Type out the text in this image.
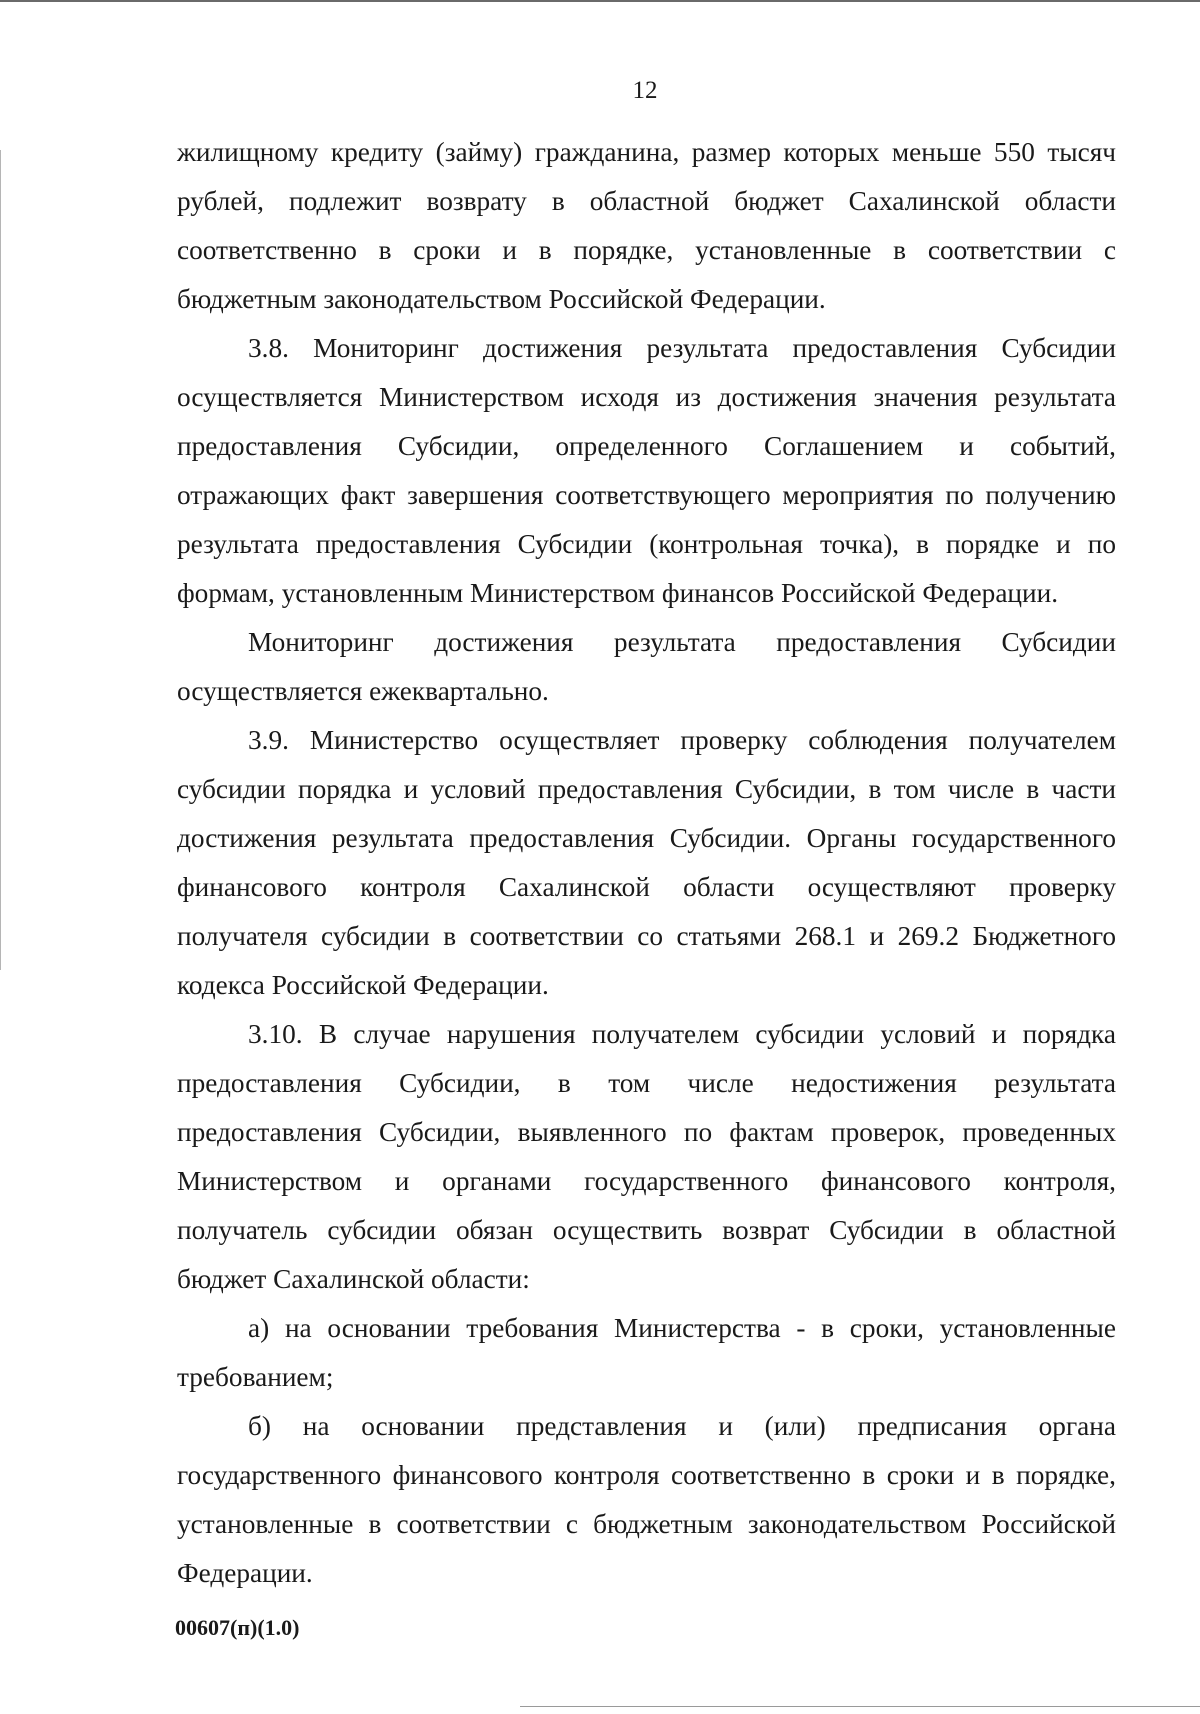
12

жилищному кредиту (займу) гражданина, размер которых меньше 550 тысяч рублей, подлежит возврату в областной бюджет Сахалинской области соответственно в сроки и в порядке, установленные в соответствии с бюджетным законодательством Российской Федерации.

3.8. Мониторинг достижения результата предоставления Субсидии осуществляется Министерством исходя из достижения значения результата предоставления Субсидии, определенного Соглашением и событий, отражающих факт завершения соответствующего мероприятия по получению результата предоставления Субсидии (контрольная точка), в порядке и по формам, установленным Министерством финансов Российской Федерации.

Мониторинг достижения результата предоставления Субсидии осуществляется ежеквартально.

3.9. Министерство осуществляет проверку соблюдения получателем субсидии порядка и условий предоставления Субсидии, в том числе в части достижения результата предоставления Субсидии. Органы государственного финансового контроля Сахалинской области осуществляют проверку получателя субсидии в соответствии со статьями 268.1 и 269.2 Бюджетного кодекса Российской Федерации.

3.10. В случае нарушения получателем субсидии условий и порядка предоставления Субсидии, в том числе недостижения результата предоставления Субсидии, выявленного по фактам проверок, проведенных Министерством и органами государственного финансового контроля, получатель субсидии обязан осуществить возврат Субсидии в областной бюджет Сахалинской области:

а) на основании требования Министерства - в сроки, установленные требованием;

б) на основании представления и (или) предписания органа государственного финансового контроля соответственно в сроки и в порядке, установленные в соответствии с бюджетным законодательством Российской Федерации.

00607(п)(1.0)
